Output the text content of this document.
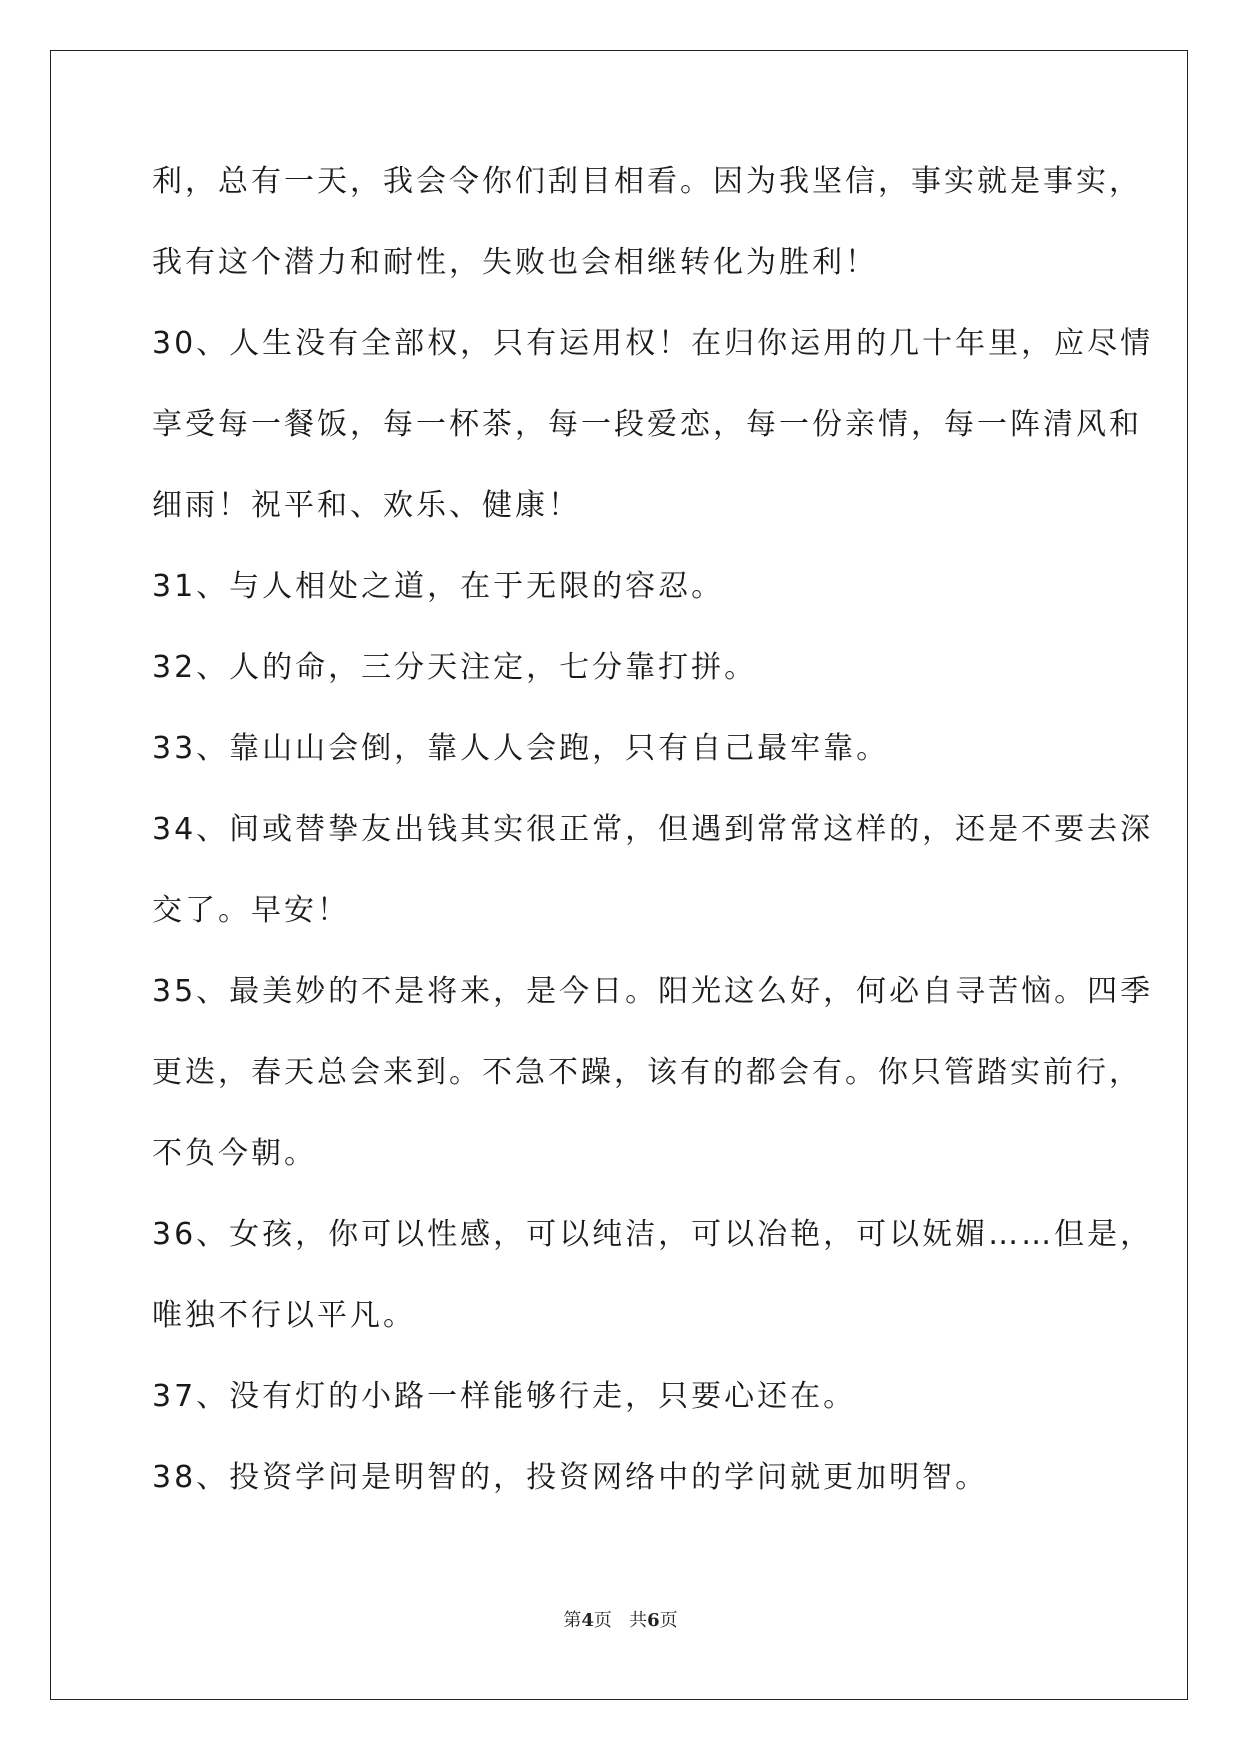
利，总有一天，我会令你们刮目相看。因为我坚信，事实就是事实，
我有这个潜力和耐性，失败也会相继转化为胜利！
30、人生没有全部权，只有运用权！在归你运用的几十年里，应尽情
享受每一餐饭，每一杯茶，每一段爱恋，每一份亲情，每一阵清风和
细雨！祝平和、欢乐、健康！
31、与人相处之道，在于无限的容忍。
32、人的命，三分天注定，七分靠打拼。
33、靠山山会倒，靠人人会跑，只有自己最牢靠。
34、间或替挚友出钱其实很正常，但遇到常常这样的，还是不要去深
交了。早安！
35、最美妙的不是将来，是今日。阳光这么好，何必自寻苦恼。四季
更迭，春天总会来到。不急不躁，该有的都会有。你只管踏实前行，
不负今朝。
36、女孩，你可以性感，可以纯洁，可以冶艳，可以妩媚……但是，
唯独不行以平凡。
37、没有灯的小路一样能够行走，只要心还在。
38、投资学问是明智的，投资网络中的学问就更加明智。
第4页 共6页
